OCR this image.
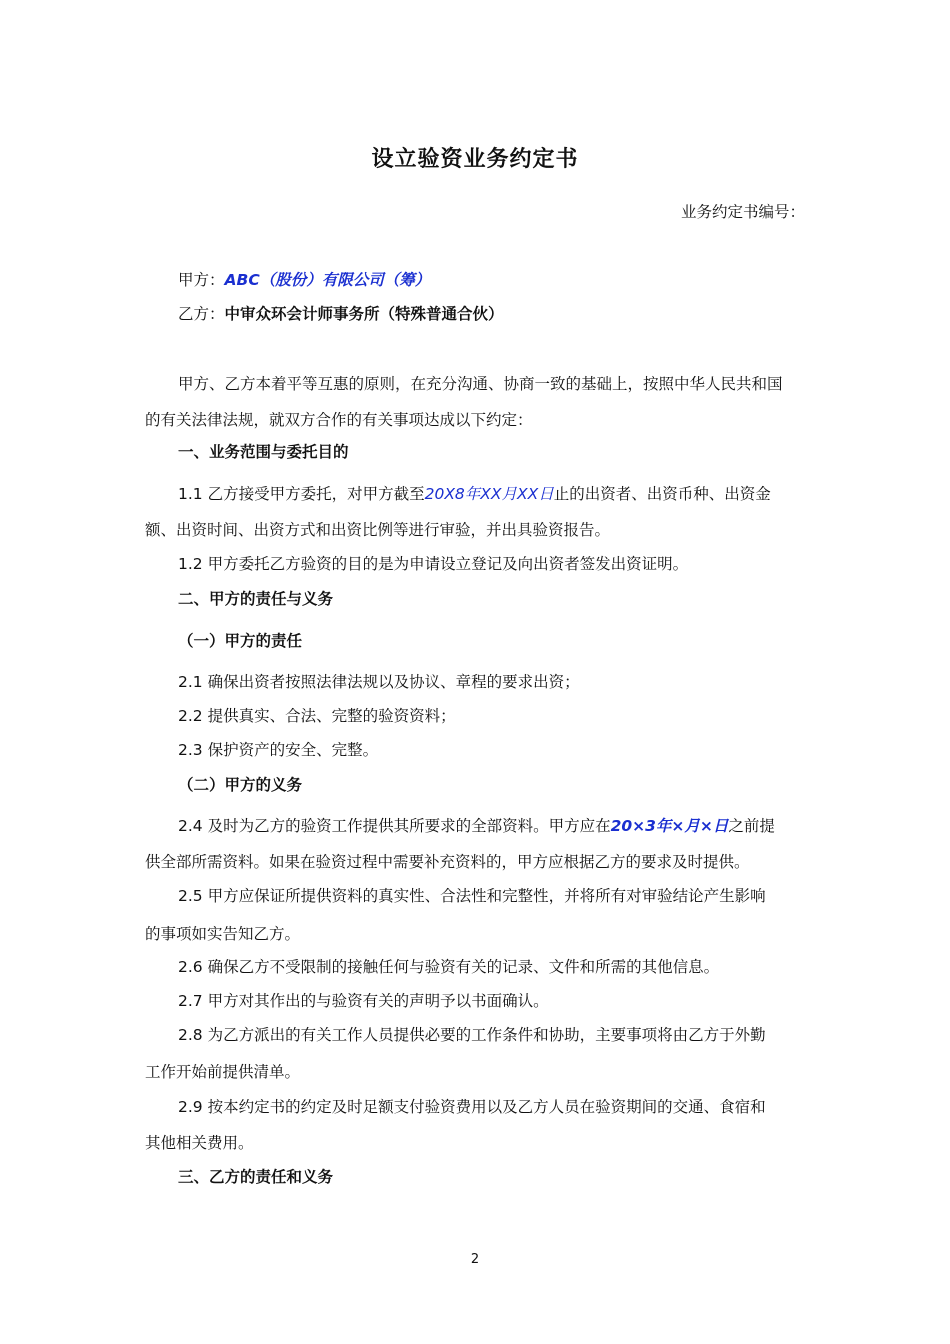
设立验资业务约定书
业务约定书编号：
甲方：ABC（股份）有限公司（筹）
乙方：中审众环会计师事务所（特殊普通合伙）
甲方、乙方本着平等互惠的原则，在充分沟通、协商一致的基础上，按照中华人民共和国
的有关法律法规，就双方合作的有关事项达成以下约定：
一、业务范围与委托目的
1.1 乙方接受甲方委托，对甲方截至20X8年XX月XX日止的出资者、出资币种、出资金
额、出资时间、出资方式和出资比例等进行审验，并出具验资报告。
1.2 甲方委托乙方验资的目的是为申请设立登记及向出资者签发出资证明。
二、甲方的责任与义务
（一）甲方的责任
2.1 确保出资者按照法律法规以及协议、章程的要求出资；
2.2 提供真实、合法、完整的验资资料；
2.3 保护资产的安全、完整。
（二）甲方的义务
2.4 及时为乙方的验资工作提供其所要求的全部资料。甲方应在20×3年×月×日之前提
供全部所需资料。如果在验资过程中需要补充资料的，甲方应根据乙方的要求及时提供。
2.5 甲方应保证所提供资料的真实性、合法性和完整性，并将所有对审验结论产生影响
的事项如实告知乙方。
2.6 确保乙方不受限制的接触任何与验资有关的记录、文件和所需的其他信息。
2.7 甲方对其作出的与验资有关的声明予以书面确认。
2.8 为乙方派出的有关工作人员提供必要的工作条件和协助，主要事项将由乙方于外勤
工作开始前提供清单。
2.9 按本约定书的约定及时足额支付验资费用以及乙方人员在验资期间的交通、食宿和
其他相关费用。
三、乙方的责任和义务
2
